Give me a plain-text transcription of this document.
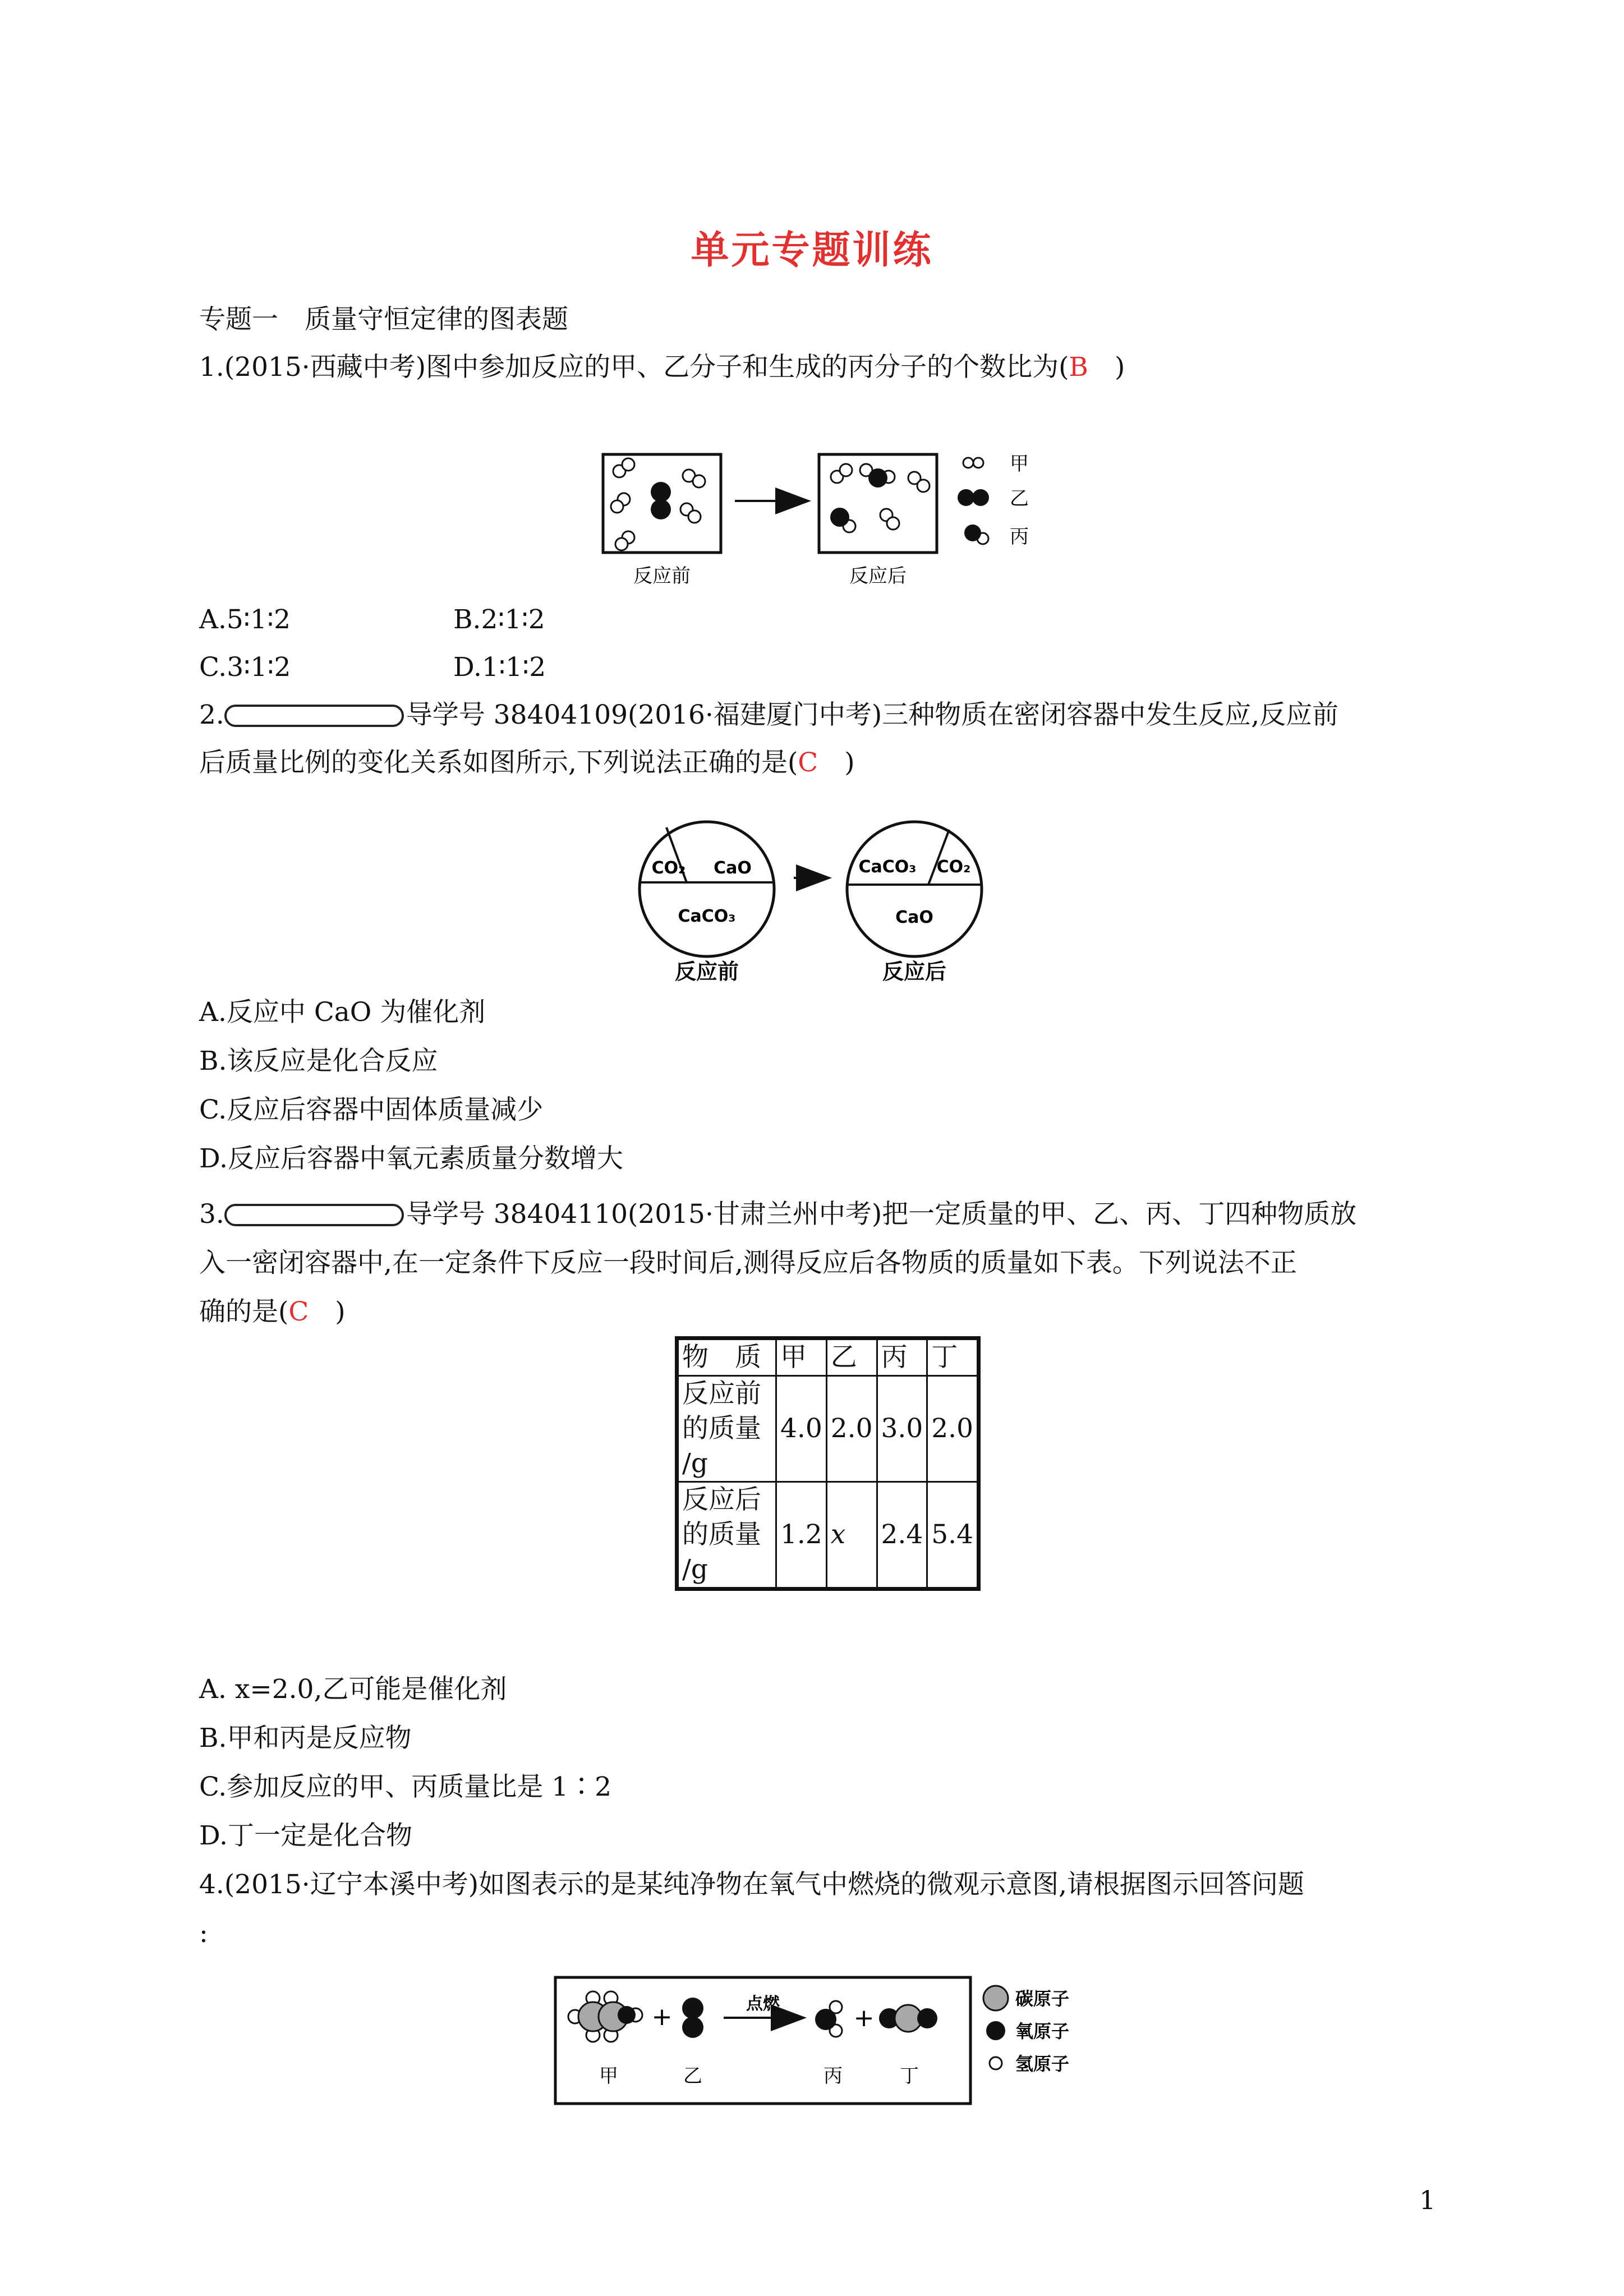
单元专题训练
专题一　质量守恒定律的图表题
1.(2015·西藏中考)图中参加反应的甲、乙分子和生成的丙分子的个数比为(B　)
甲
乙
丙
反应前	反应后
A.5∶1∶2	B.2∶1∶2
C.3∶1∶2	D.1∶1∶2
2.	导学号 38404109(2016·福建厦门中考)三种物质在密闭容器中发生反应,反应前
后质量比例的变化关系如图所示,下列说法正确的是(C　)
CO₂ CaO
CaCO₃
CaCO₃ CO₂
CaO
反应前	反应后
A.反应中 CaO 为催化剂
B.该反应是化合反应
C.反应后容器中固体质量减少
D.反应后容器中氧元素质量分数增大
3.	导学号 38404110(2015·甘肃兰州中考)把一定质量的甲、乙、丙、丁四种物质放
入一密闭容器中,在一定条件下反应一段时间后,测得反应后各物质的质量如下表。下列说法不正
确的是(C　)
物　质	甲	乙	丙	丁

反应前
的质量
/g	4.0	2.0	3.0	2.0

反应后
的质量
/g	1.2	x	2.4	5.4
A. x=2.0,乙可能是催化剂
B.甲和丙是反应物
C.参加反应的甲、丙质量比是 1∶2
D.丁一定是化合物
4.(2015·辽宁本溪中考)如图表示的是某纯净物在氧气中燃烧的微观示意图,请根据图示回答问题
:
+	点燃	+
甲	乙	丙	丁
碳原子
氧原子
氢原子
1
